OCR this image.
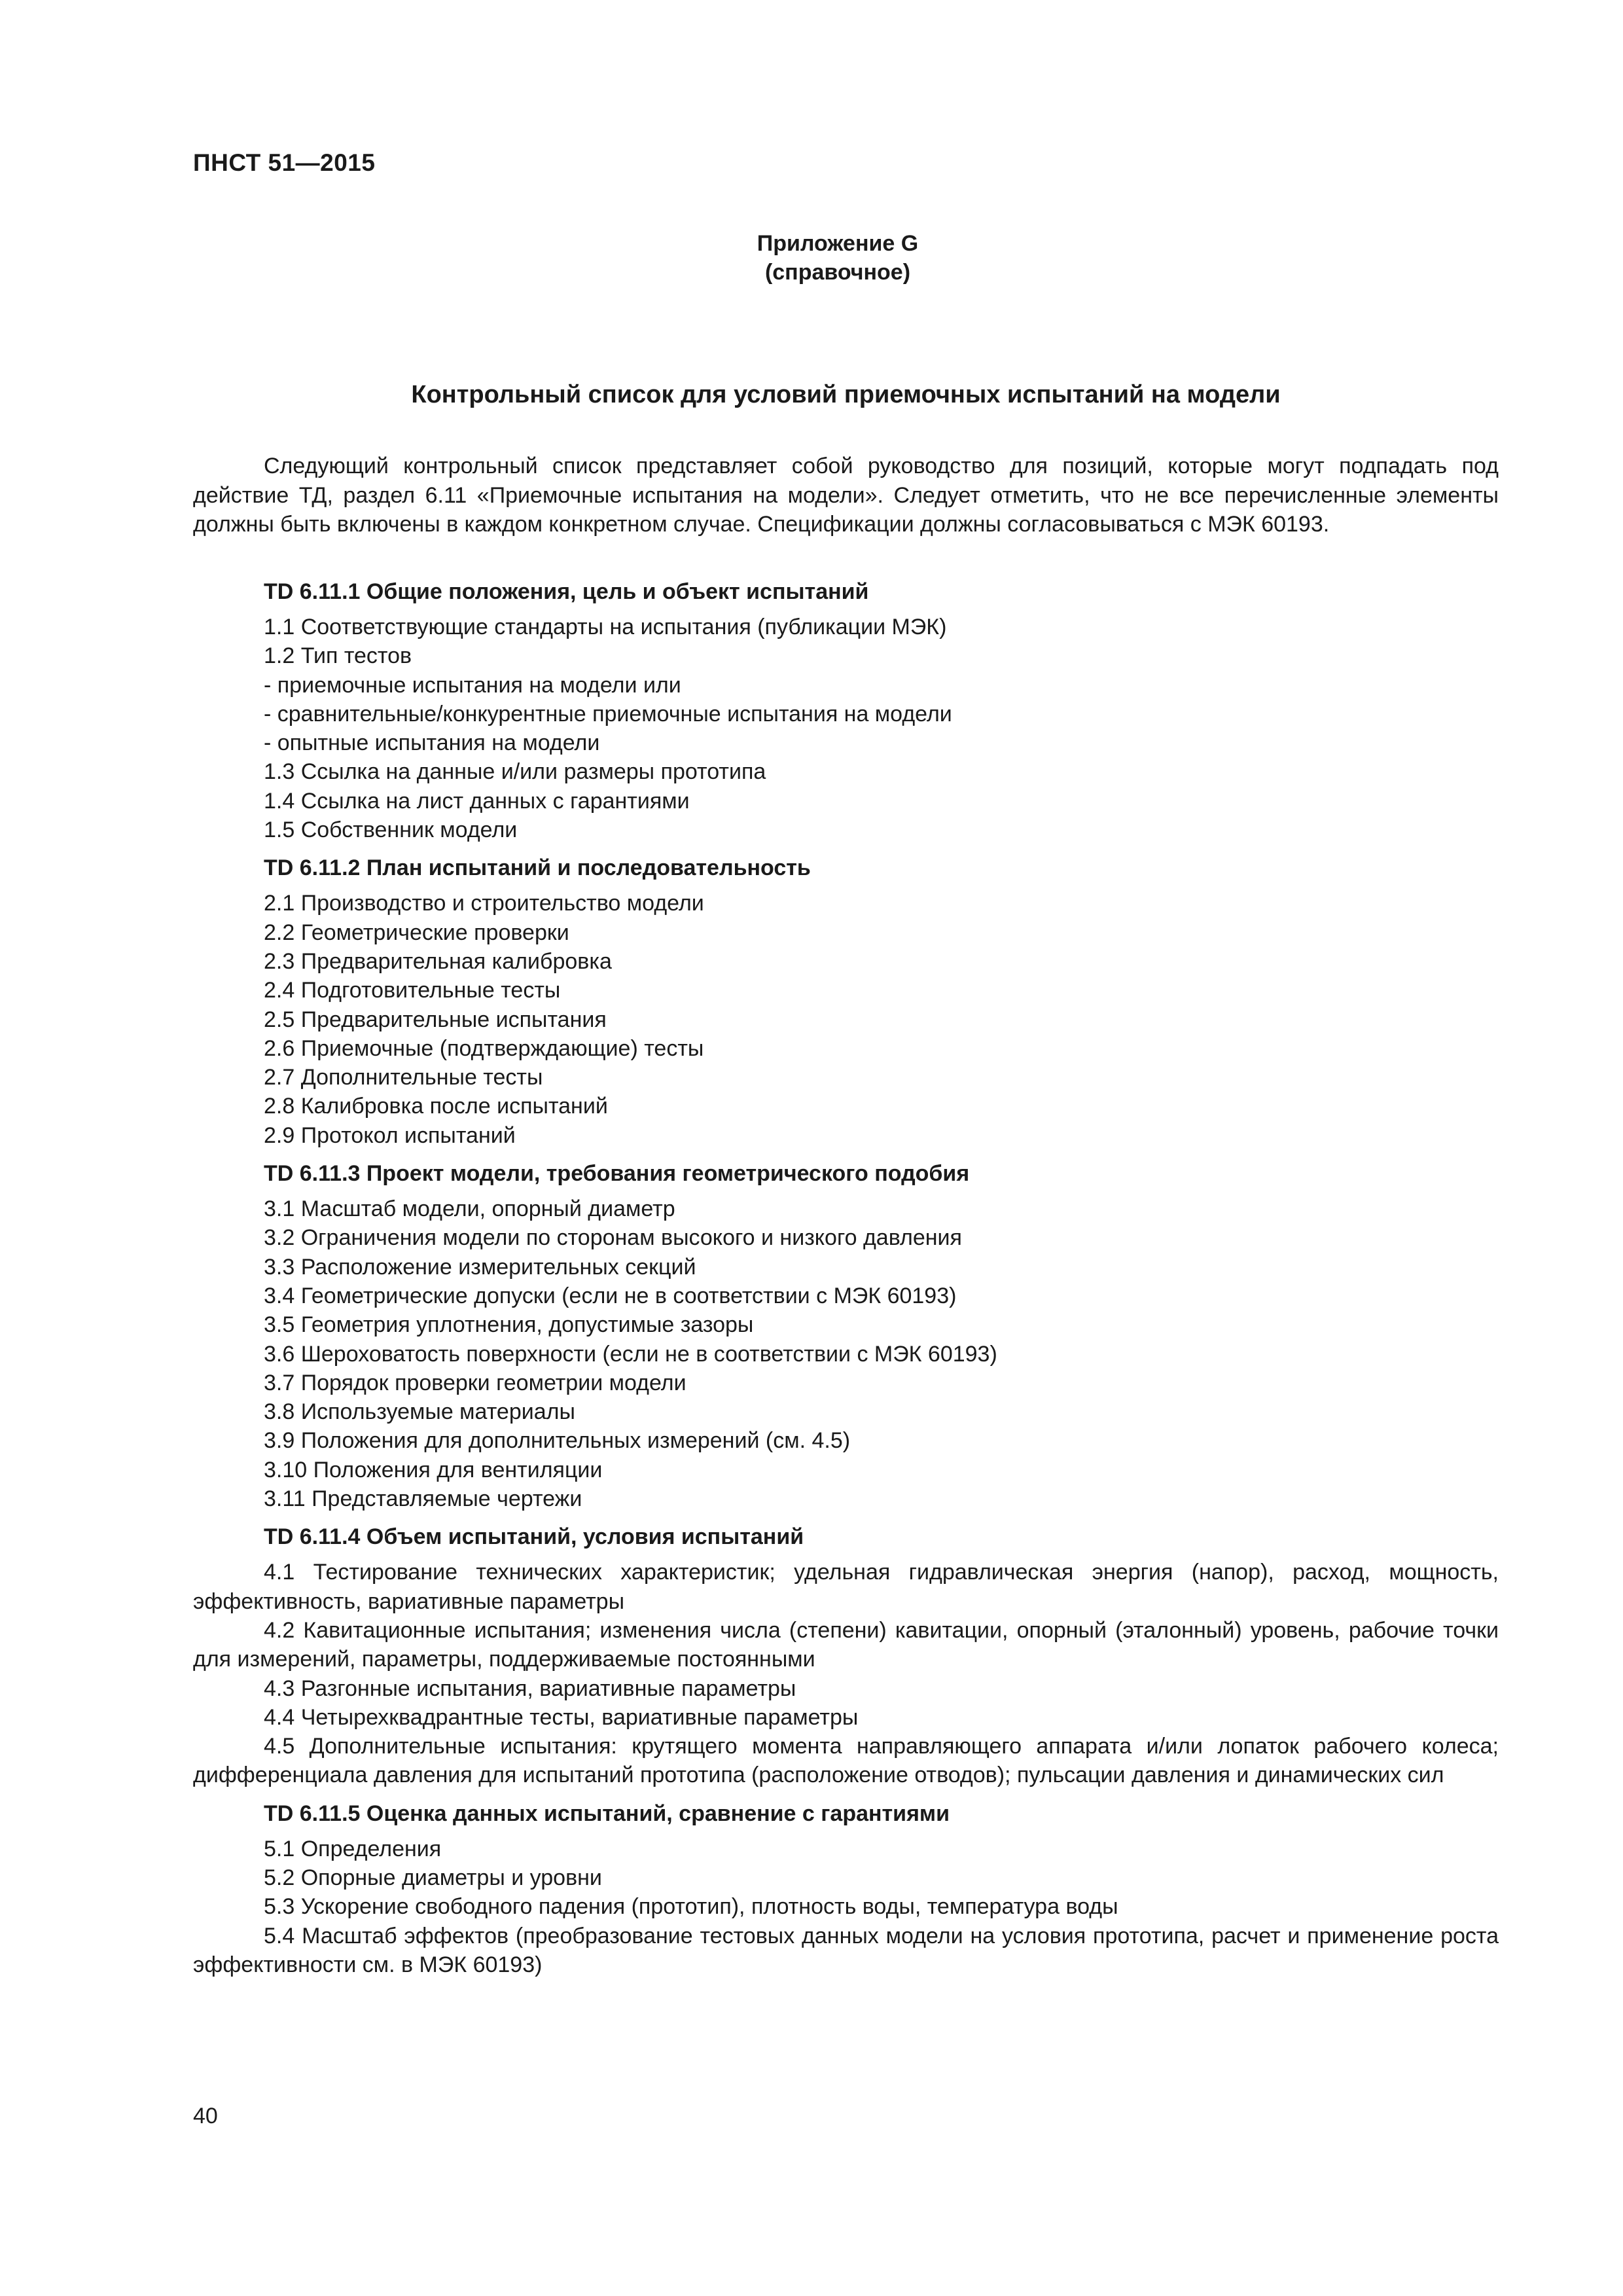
ПНСТ 51—2015
Приложение G
(справочное)
Контрольный список для условий приемочных испытаний на модели

Следующий контрольный список представляет собой руководство для позиций, которые могут подпадать под действие ТД, раздел 6.11 «Приемочные испытания на модели». Следует отметить, что не все перечисленные элементы должны быть включены в каждом конкретном случае. Спецификации должны согласовываться с МЭК 60193.

TD 6.11.1 Общие положения, цель и объект испытаний
1.1 Соответствующие стандарты на испытания (публикации МЭК)
1.2 Тип тестов
- приемочные испытания на модели или
- сравнительные/конкурентные приемочные испытания на модели
- опытные испытания на модели
1.3 Ссылка на данные и/или размеры прототипа
1.4 Ссылка на лист данных с гарантиями
1.5 Собственник модели
TD 6.11.2 План испытаний и последовательность
2.1 Производство и строительство модели
2.2 Геометрические проверки
2.3 Предварительная калибровка
2.4 Подготовительные тесты
2.5 Предварительные испытания
2.6 Приемочные (подтверждающие) тесты
2.7 Дополнительные тесты
2.8 Калибровка после испытаний
2.9 Протокол испытаний
TD 6.11.3 Проект модели, требования геометрического подобия
3.1 Масштаб модели, опорный диаметр
3.2 Ограничения модели по сторонам высокого и низкого давления
3.3 Расположение измерительных секций
3.4 Геометрические допуски (если не в соответствии с МЭК 60193)
3.5 Геометрия уплотнения, допустимые зазоры
3.6 Шероховатость поверхности (если не в соответствии с МЭК 60193)
3.7 Порядок проверки геометрии модели
3.8 Используемые материалы
3.9 Положения для дополнительных измерений (см. 4.5)
3.10 Положения для вентиляции
3.11 Представляемые чертежи
TD 6.11.4 Объем испытаний, условия испытаний
4.1 Тестирование технических характеристик; удельная гидравлическая энергия (напор), расход, мощность, эффективность, вариативные параметры
4.2 Кавитационные испытания; изменения числа (степени) кавитации, опорный (эталонный) уровень, рабочие точки для измерений, параметры, поддерживаемые постоянными
4.3 Разгонные испытания, вариативные параметры
4.4 Четырехквадрантные тесты, вариативные параметры
4.5 Дополнительные испытания: крутящего момента направляющего аппарата и/или лопаток рабочего колеса; дифференциала давления для испытаний прототипа (расположение отводов); пульсации давления и динамических сил
TD 6.11.5 Оценка данных испытаний, сравнение с гарантиями
5.1 Определения
5.2 Опорные диаметры и уровни
5.3 Ускорение свободного падения (прототип), плотность воды, температура воды
5.4 Масштаб эффектов (преобразование тестовых данных модели на условия прототипа, расчет и применение роста эффективности см. в МЭК 60193)
40
